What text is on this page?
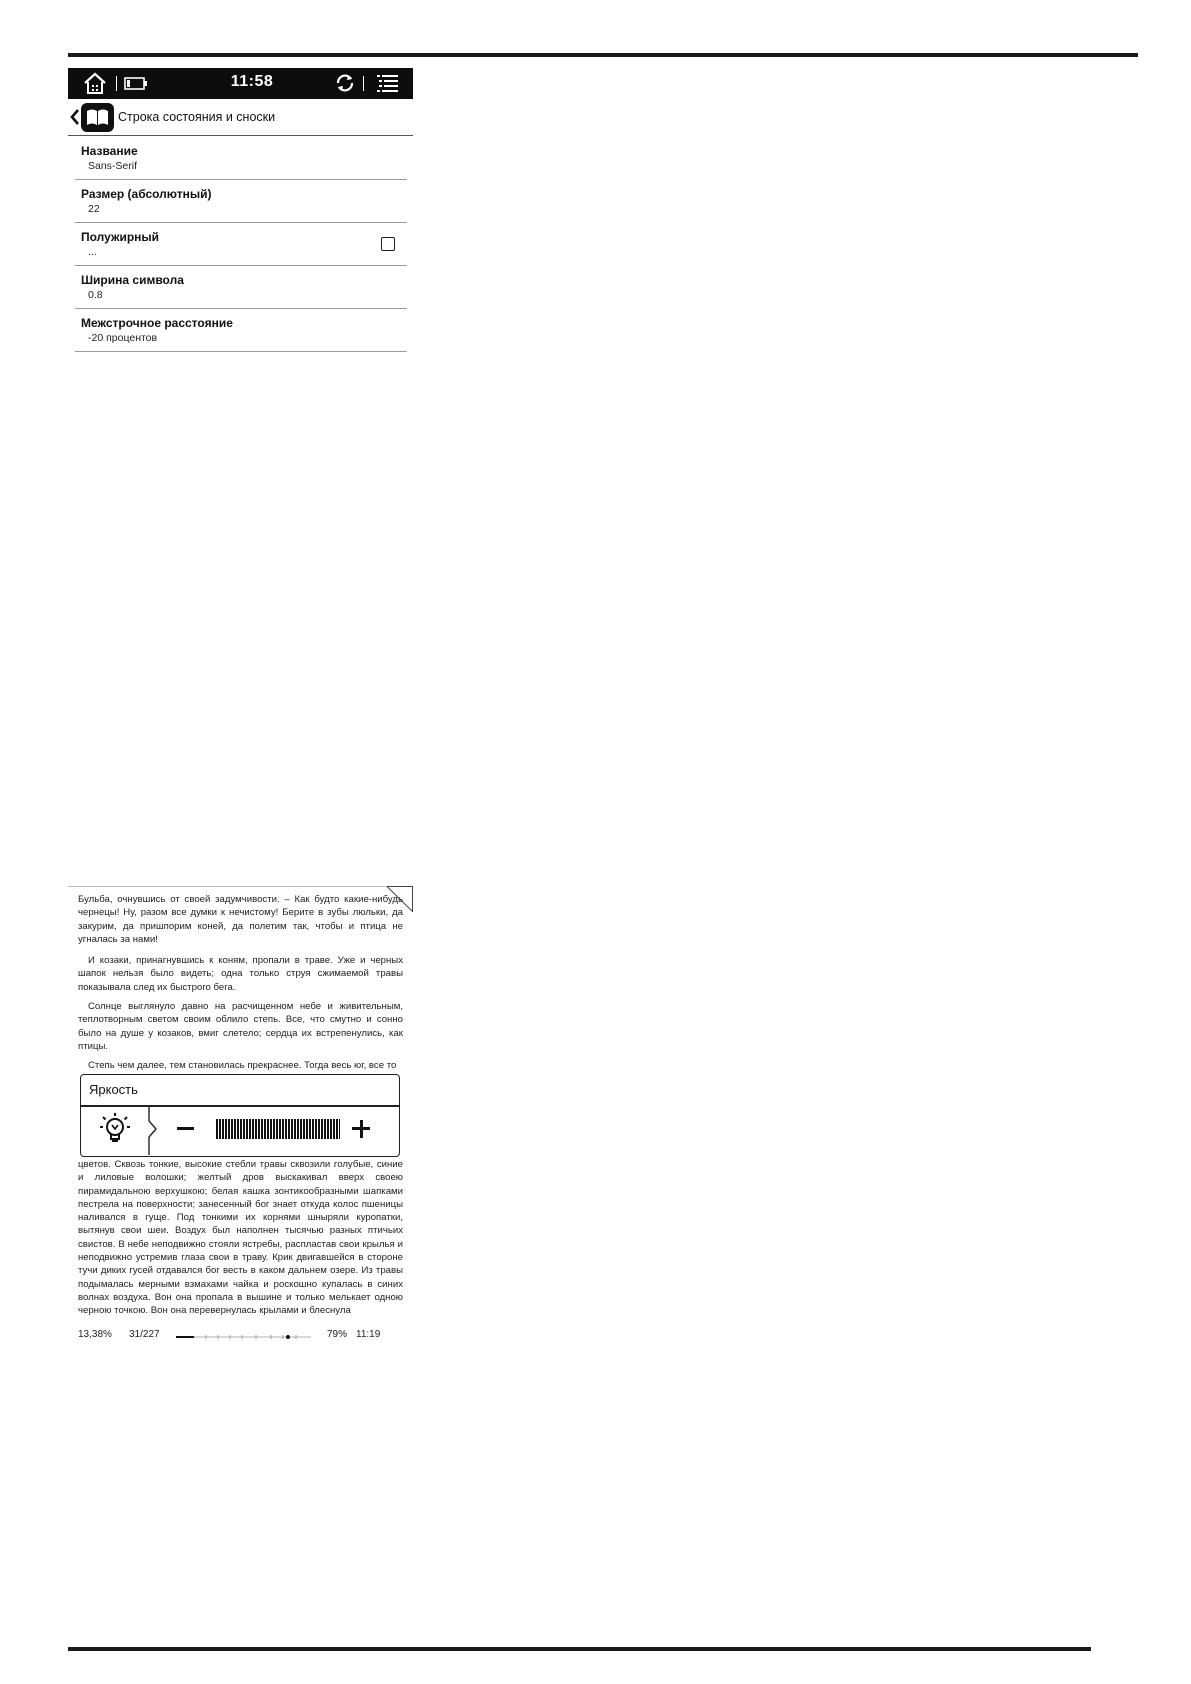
11:58
Строка состояния и сноски
Название
Sans-Serif
Размер (абсолютный)
22
Полужирный
...
Ширина символа
0.8
Межстрочное расстояние
-20 процентов

Бульба, очнувшись от своей задумчивости. – Как будто какие-нибудь чернецы! Ну, разом все думки к нечистому! Берите в зубы люльки, да закурим, да пришпорим коней, да полетим так, чтобы и птица не угналась за нами!

И козаки, принагнувшись к коням, пропали в траве. Уже и черных шапок нельзя было видеть; одна только струя сжимаемой травы показывала след их быстрого бега.

Солнце выглянуло давно на расчищенном небе и живительным, теплотворным светом своим облило степь. Все, что смутно и сонно было на душе у козаков, вмиг слетело; сердца их встрепенулись, как птицы.

Степь чем далее, тем становилась прекраснее. Тогда весь юг, все то

цветов. Сквозь тонкие, высокие стебли травы сквозили голубые, синие и лиловые волошки; желтый дров выскакивал вверх своею пирамидальною верхушкою; белая кашка зонтикообразными шапками пестрела на поверхности; занесенный бог знает откуда колос пшеницы наливался в гуще. Под тонкими их корнями шныряли куропатки, вытянув свои шеи. Воздух был наполнен тысячью разных птичьих свистов. В небе неподвижно стояли ястребы, распластав свои крылья и неподвижно устремив глаза свои в траву. Крик двигавшейся в стороне тучи диких гусей отдавался бог весть в каком дальнем озере. Из травы подымалась мерными взмахами чайка и роскошно купалась в синих волнах воздуха. Вон она пропала в вышине и только мелькает одною черною точкою. Вон она перевернулась крылами и блеснула

Яркость
13,38% 31/227	79% 11:19
